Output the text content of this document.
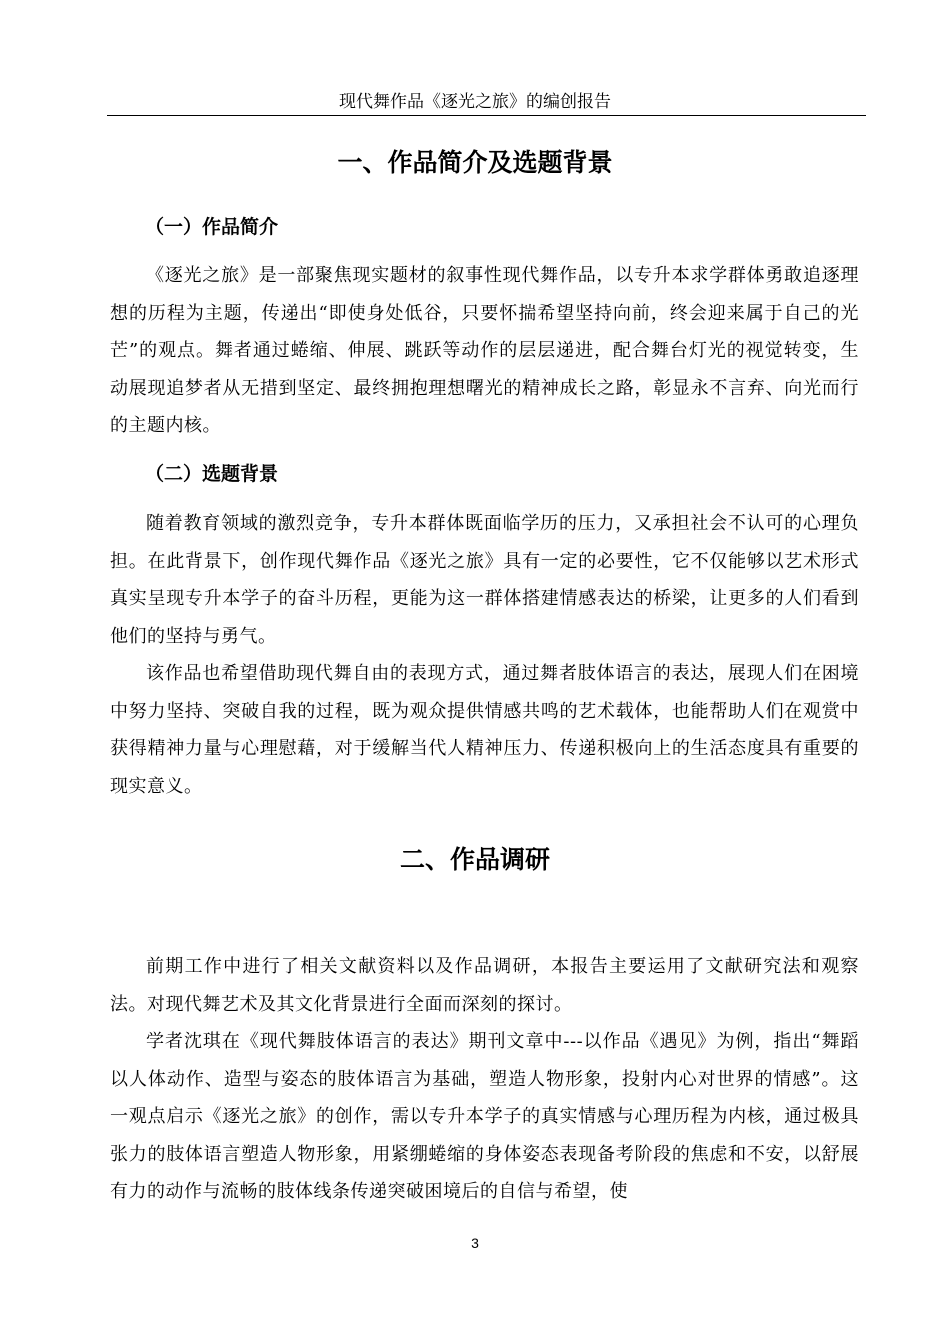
现代舞作品《逐光之旅》的编创报告
一、作品简介及选题背景
（一）作品简介

《逐光之旅》是一部聚焦现实题材的叙事性现代舞作品，以专升本求学群体勇敢追逐理想的历程为主题，传递出“即使身处低谷，只要怀揣希望坚持向前，终会迎来属于自己的光芒”的观点。舞者通过蜷缩、伸展、跳跃等动作的层层递进，配合舞台灯光的视觉转变，生动展现追梦者从无措到坚定、最终拥抱理想曙光的精神成长之路，彰显永不言弃、向光而行的主题内核。

（二）选题背景

随着教育领域的激烈竞争，专升本群体既面临学历的压力，又承担社会不认可的心理负担。在此背景下，创作现代舞作品《逐光之旅》具有一定的必要性，它不仅能够以艺术形式真实呈现专升本学子的奋斗历程，更能为这一群体搭建情感表达的桥梁，让更多的人们看到他们的坚持与勇气。

该作品也希望借助现代舞自由的表现方式，通过舞者肢体语言的表达，展现人们在困境中努力坚持、突破自我的过程，既为观众提供情感共鸣的艺术载体，也能帮助人们在观赏中获得精神力量与心理慰藉，对于缓解当代人精神压力、传递积极向上的生活态度具有重要的现实意义。

二、作品调研

前期工作中进行了相关文献资料以及作品调研，本报告主要运用了文献研究法和观察法。对现代舞艺术及其文化背景进行全面而深刻的探讨。

学者沈琪在《现代舞肢体语言的表达》期刊文章中---以作品《遇见》为例，指出“舞蹈以人体动作、造型与姿态的肢体语言为基础，塑造人物形象，投射内心对世界的情感”。这一观点启示《逐光之旅》的创作，需以专升本学子的真实情感与心理历程为内核，通过极具张力的肢体语言塑造人物形象，用紧绷蜷缩的身体姿态表现备考阶段的焦虑和不安，以舒展有力的动作与流畅的肢体线条传递突破困境后的自信与希望，使

3
